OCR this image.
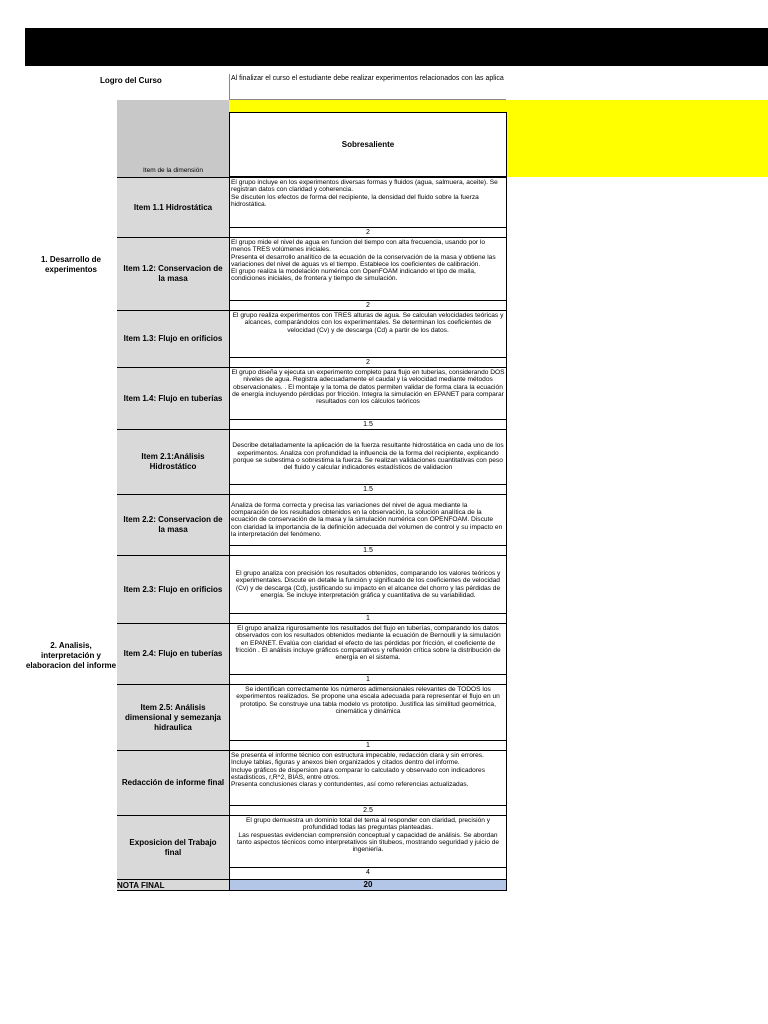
Logro del Curso	Al finalizar el curso el estudiante debe realizar experimentos relacionados con las aplica
Item de la dimensión
Sobresaliente
1. Desarrollo de experimentos
2. Analisis, interpretación y elaboracion del informe
Item 1.1 Hidrostática
El grupo incluye en los experimentos diversas formas y fluidos (agua, salmuera, aceite). Se registran datos con claridad y coherencia.
Se discuten los efectos de forma del recipiente, la densidad del fluido sobre la fuerza hidrostática.
2
Item 1.2: Conservacion de la masa
El grupo mide el nivel de agua en funcion del tiempo con alta frecuencia, usando por lo menos TRES volúmenes iniciales.
Presenta el desarrollo analítico de la ecuación de la conservación de la masa y obtiene las variaciones del nivel de aguas vs el tiempo. Establece los coeficientes de calibración.
El grupo realiza la modelación numérica con OpenFOAM indicando el tipo de malla, condiciones iniciales, de frontera y tiempo de simulación.
2
Item 1.3: Flujo en orificios
El grupo realiza experimentos con TRES alturas de agua. Se calculan velocidades teóricas y alcances, comparándolos con los experimentales. Se determinan los coeficientes de velocidad (Cv) y de descarga (Cd) a partir de los datos.
2
Item 1.4: Flujo en tuberías
El grupo diseña y ejecuta un experimento completo para flujo en tuberías, considerando DOS niveles de agua. Registra adecuadamente el caudal y la velocidad mediante métodos observacionales. . El montaje y la toma de datos permiten validar de forma clara la ecuación de energía incluyendo pérdidas por fricción. Integra la simulación en EPANET para comparar resultados con los cálculos teóricos
1.5
Item 2.1:Análisis Hidrostático
Describe detalladamente la aplicación de la fuerza resultante hidrostática en cada uno de los experimentos. Analiza con profundidad la influencia de la forma del recipiente, explicando porque se subestima o sobrestima la fuerza. Se realizan validaciones cuantitativas con peso del fluido y calcular indicadores estadísticos de validacion
1.5
Item 2.2: Conservacion de la masa
Analiza de forma correcta y precisa las variaciones del nivel de agua mediante la comparación de los resultados obtenidos en la observación, la solución analítica de la ecuación de conservación de la masa y la simulación numérica con OPENFOAM. Discute con claridad la importancia de la definición adecuada del volumen de control y su impacto en la interpretación del fenómeno.
1.5
Item 2.3: Flujo en orificios
El grupo analiza con precisión los resultados obtenidos, comparando los valores teóricos y experimentales. Discute en detalle la función y significado de los coeficientes de velocidad (Cv) y de descarga (Cd), justificando su impacto en el alcance del chorro y las pérdidas de energía. Se incluye interpretación gráfica y cuantitativa de su variabilidad.
1
Item 2.4: Flujo en tuberías
El grupo analiza rigurosamente los resultados del flujo en tuberías, comparando los datos observados con los resultados obtenidos mediante la ecuación de Bernoulli y la simulación en EPANET. Evalúa con claridad el efecto de las pérdidas por fricción, el coeficiente de fricción . El análisis incluye gráficos comparativos y reflexión crítica sobre la distribución de energía en el sistema.
1
Item 2.5: Análisis dimensional y semezanja hidraulica
Se identifican correctamente los números adimensionales relevantes de TODOS los experimentos realizados. Se propone una escala adecuada para representar el flujo en un prototipo. Se construye una tabla modelo vs prototipo. Justifica las similitud geométrica, cinemática y dinámica
1
Redacción de informe final
Se presenta el informe técnico con estructura impecable, redacción clara y sin errores. Incluye tablas, figuras y anexos bien organizados y citados dentro del informe.
Incluye gráficos de dispersion para comparar lo calculado y observado con indicadores estadisticos, r,R^2, BIAS, entre otros.
Presenta conclusiones claras y contundentes, así como referencias actualizadas.
2.5
Exposicion del Trabajo final
El grupo demuestra un dominio total del tema al responder con claridad, precisión y profundidad todas las preguntas planteadas.
Las respuestas evidencian comprensión conceptual y capacidad de análisis. Se abordan tanto aspectos técnicos como interpretativos sin titubeos, mostrando seguridad y juicio de ingeniería.
4
NOTA FINAL	20
